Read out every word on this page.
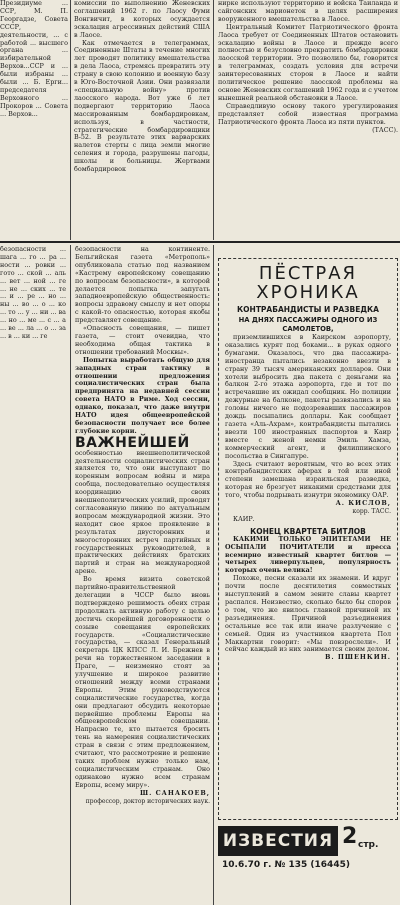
Президиуме ... ССР, М. П. Георгадзе, Совета СССР, деятельности, ... с работой ... высшего органа ... избирательной Верхов...ССР и ... были избраны ... были ... Б. Ерги... председателя Верховного ... Прокоров ... Совета ... Верхов...

комиссии по выполнению Женевских соглашений 1962 г. по Лаосу Фуми Вонгвичит, в которых осуждается эскалация агрессивных действий США в Лаосе.

Как отмечается в телеграммах, Соединенные Штаты в течение многих лет проводят политику вмешательства в дела Лаоса, стремясь превратить эту страну в свою колонию и военную базу в Юго-Восточной Азии. Они развязали «специальную войну» против лаосского народа. Вот уже 6 лет подвергают территорию Лаоса массированным бомбардировкам, используя, в частности, стратегические бомбардировщики В-52. В результате этих варварских налетов стерты с лица земли многие селения и города, разрушены пагоды, школы и больницы. Жертвами бомбардировок

нирке используют территорию и войска Таиланда и сайгонских марионеток в целях расширения вооруженного вмешательства в Лаосе.

Центральный Комитет Патриотического фронта Лаоса требует от Соединенных Штатов остановить эскалацию войны в Лаосе и прежде всего полностью и безусловно прекратить бомбардировки лаосской территории. Это позволило бы, говорится в телеграммах, создать условия для встречи заинтересованных сторон в Лаосе и найти политическое решение лаосской проблемы на основе Женевских соглашений 1962 года и с учетом нынешней реальной обстановки в Лаосе.

Справедливую основу такого урегулирования представляет собой известная программа Патриотического фронта Лаоса из пяти пунктов.

(ТАСС).

безопасности ... шага ... го ... ра ... ности ... ровки ... гото ... ской ... аль ... вет ... ной ... ге ... не ... ских ... те ... и ... ре ... но ... ны ... во ... о ... ко ... то ... у ... ни ... ва ... но ... ме ... с ... а ... ве ... ла ... о ... за ... в ... ки ... ге

безопасности на континенте. Бельгийская газета «Метрополь» опубликовала статью под названием «Кастрему европейскому совещанию по вопросам безопасности», в которой делается попытка запугать западноевропейскую общественность: вопросы здравому смыслу и нет опоры с какой-то опасностью, которая якобы представляет совещание.

«Опасность совещания, — пишет газета, — стоит очевидна, что необходима общая тактика в отношении требований Москвы».

Попытка выработать общую для западных стран тактику в отношении предложения социалистических стран была предпринята на недавней сессии совета НАТО в Риме. Ход сессии, однако, показал, что даже внутри НАТО идея общеевропейской безопасности получает все более глубокие корни.

ВАЖНЕЙШЕЙ особенностью внешнеполитической деятельности социалистических стран является то, что они выступают по коренным вопросам войны и мира сообща, последовательно осуществляя координацию своих внешнеполитических усилий, проводят согласованную линию по актуальным вопросам международной жизни. Это находит свое яркое проявление в результатах двусторонних и многосторонних встреч партийных и государственных руководителей, в практических действиях братских партий и стран на международной арене.

Во время визита советской партийно-правительственной делегации в ЧССР было вновь подтверждено решимость обеих стран продолжать активную работу с целью достичь скорейшей договоренности о созыве совещания европейских государств. «Социалистические государства, — сказал Генеральный секретарь ЦК КПСС Л. И. Брежнев в речи на торжественном заседании в Праге, — неизменно стоят за улучшение и широкое развитие отношений между всеми странами Европы. Этим руководствуются социалистические государства, когда они предлагают обсудить некоторые первейшие проблемы Европы на общеевропейском совещании. Напрасно те, кто пытается бросить тень на намерения социалистических стран в связи с этим предложением, считают, что рассмотрение и решение таких проблем нужно только нам, социалистическим странам. Оно одинаково нужно всем странам Европы, всему миру».

Ш. САНАКОЕВ,

профессор, доктор исторических наук.

ПЁСТРАЯ
ХРОНИКА
КОНТРАБАНДИСТЫ И РАЗВЕДКА
НА ДНЯХ ПАССАЖИРЫ ОДНОГО ИЗ САМОЛЕТОВ,

приземлившихся в Каирском аэропорту, оказались курят под боками... в руках одного бумагами. Оказалось, что два пассажира-иностранца пытались незаконно ввезти в страну 39 тысяч американских долларов. Они хотели выбросить два пакета с деньгами на балкон 2-го этажа аэропорта, где и тот по встречавшие их ожидал сообщник. Но полиции дежурные на балконе, пакеты развязались и на головы ничего не подозревавших пассажиров дождь посыпались доллары. Как сообщает газета «Аль-Ахрам», контрабандисты пытались ввезти 100 иностранных паспортов в Каир вместе с женой немки Эмиль Хамза, коммерческий агент, и филиппинского посольства в Сингапуре.

Здесь считают вероятным, что во всех этих контрабандистских аферах в той или иной степени замешана израильская разведка, которая не брезгует никакими средствами для того, чтобы подрывать изнутри экономику ОАР.

А. КИСЛОВ,

корр. ТАСС.

КАИР.

КОНЕЦ КВАРТЕТА БИТЛОВ

КАКИМИ ТОЛЬКО ЭПИТЕТАМИ НЕ ОСЫПАЛИ ПОЧИТАТЕЛИ и пресса всемирно известный квартет битлов — четырех ливерпульцев, популярность которых очень велика!

Похоже, песни сказали их знамени. И вдруг почти после десятилетия совместных выступлений в самом зените славы квартет распался. Неизвестно, сколько было бы споров о том, что же явилось главной причиной их разъединения. Причиной разъединения остальные все так или иначе разлучение с семьей. Один из участников квартета Пол Маккартни говорит: «Мы повзрослели». И сейчас каждый из них занимается своим делом.

В. ПШЕНКИН.

ИЗВЕСТИЯ 2 стр.
10.6.70 г. № 135 (16445)
